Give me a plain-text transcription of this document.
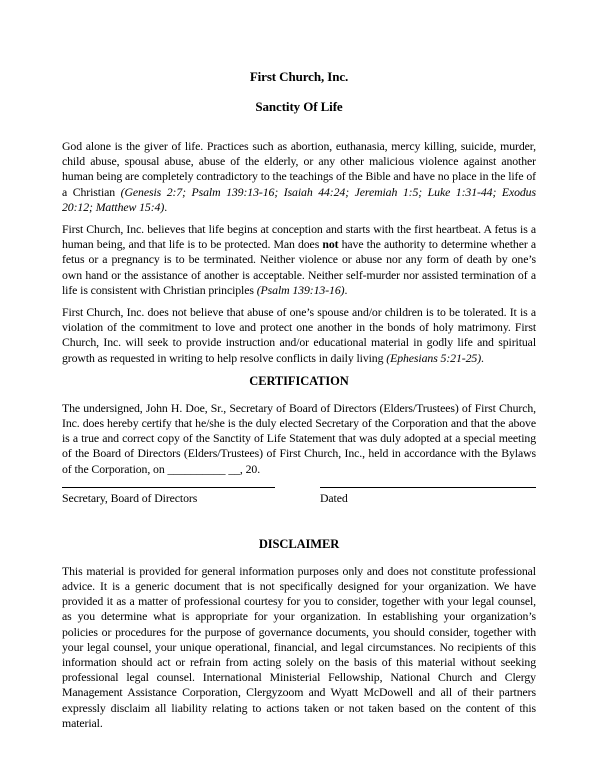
First Church, Inc.
Sanctity Of Life

God alone is the giver of life. Practices such as abortion, euthanasia, mercy killing, suicide, murder, child abuse, spousal abuse, abuse of the elderly, or any other malicious violence against another human being are completely contradictory to the teachings of the Bible and have no place in the life of a Christian (Genesis 2:7; Psalm 139:13-16; Isaiah 44:24; Jeremiah 1:5; Luke 1:31-44; Exodus 20:12; Matthew 15:4).

First Church, Inc. believes that life begins at conception and starts with the first heartbeat. A fetus is a human being, and that life is to be protected. Man does not have the authority to determine whether a fetus or a pregnancy is to be terminated. Neither violence or abuse nor any form of death by one’s own hand or the assistance of another is acceptable. Neither self-murder nor assisted termination of a life is consistent with Christian principles (Psalm 139:13-16).

First Church, Inc. does not believe that abuse of one’s spouse and/or children is to be tolerated. It is a violation of the commitment to love and protect one another in the bonds of holy matrimony. First Church, Inc. will seek to provide instruction and/or educational material in godly life and spiritual growth as requested in writing to help resolve conflicts in daily living (Ephesians 5:21-25).

CERTIFICATION

The undersigned, John H. Doe, Sr., Secretary of Board of Directors (Elders/Trustees) of First Church, Inc. does hereby certify that he/she is the duly elected Secretary of the Corporation and that the above is a true and correct copy of the Sanctity of Life Statement that was duly adopted at a special meeting of the Board of Directors (Elders/Trustees) of First Church, Inc., held in accordance with the Bylaws of the Corporation, on __________ __, 20.

Secretary, Board of Directors	Dated
DISCLAIMER

This material is provided for general information purposes only and does not constitute professional advice. It is a generic document that is not specifically designed for your organization. We have provided it as a matter of professional courtesy for you to consider, together with your legal counsel, as you determine what is appropriate for your organization. In establishing your organization’s policies or procedures for the purpose of governance documents, you should consider, together with your legal counsel, your unique operational, financial, and legal circumstances. No recipients of this information should act or refrain from acting solely on the basis of this material without seeking professional legal counsel. International Ministerial Fellowship, National Church and Clergy Management Assistance Corporation, Clergyzoom and Wyatt McDowell and all of their partners expressly disclaim all liability relating to actions taken or not taken based on the content of this material.
